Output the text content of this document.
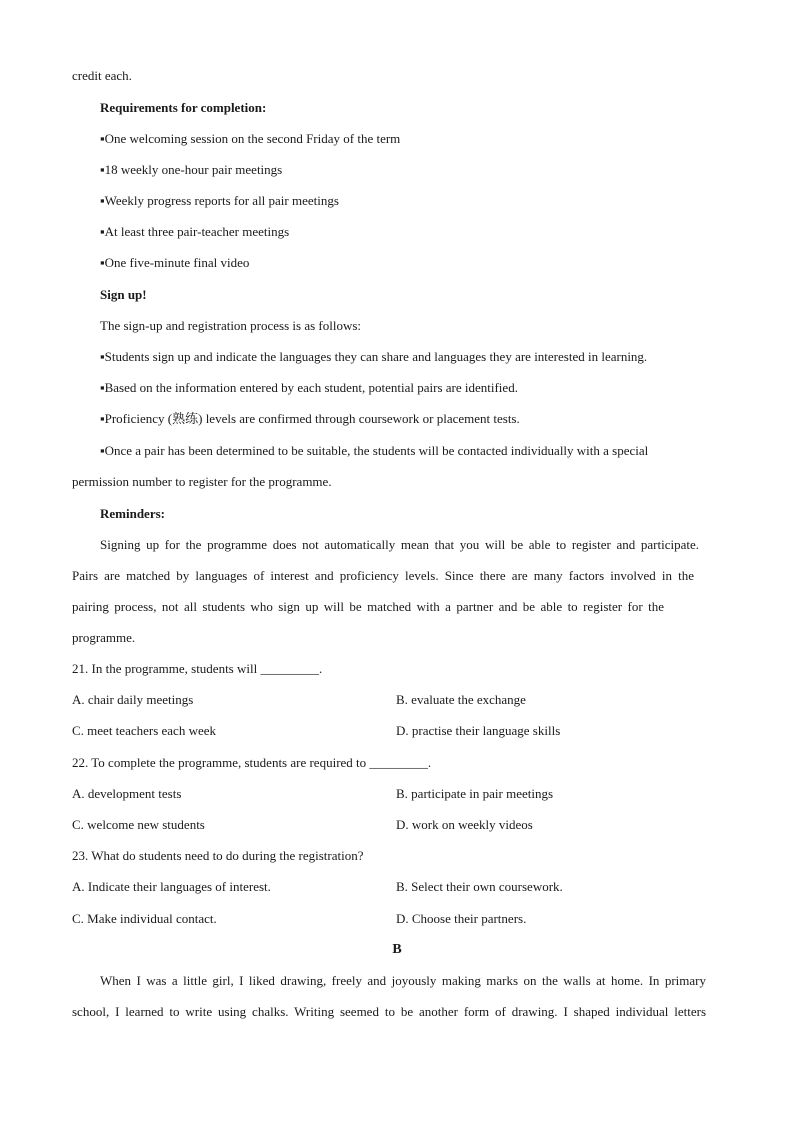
credit each.
Requirements for completion:
▪One welcoming session on the second Friday of the term
▪18 weekly one-hour pair meetings
▪Weekly progress reports for all pair meetings
▪At least three pair-teacher meetings
▪One five-minute final video
Sign up!
The sign-up and registration process is as follows:
▪Students sign up and indicate the languages they can share and languages they are interested in learning.
▪Based on the information entered by each student, potential pairs are identified.
▪Proficiency (熟练) levels are confirmed through coursework or placement tests.
▪Once a pair has been determined to be suitable, the students will be contacted individually with a special
permission number to register for the programme.
Reminders:
Signing up for the programme does not automatically mean that you will be able to register and participate.
Pairs are matched by languages of interest and proficiency levels. Since there are many factors involved in the
pairing process, not all students who sign up will be matched with a partner and be able to register for the
programme.
21. In the programme, students will _________.
A. chair daily meetings	B. evaluate the exchange
C. meet teachers each week	D. practise their language skills
22. To complete the programme, students are required to _________.
A. development tests	B. participate in pair meetings
C. welcome new students	D. work on weekly videos
23. What do students need to do during the registration?
A. Indicate their languages of interest.	B. Select their own coursework.
C. Make individual contact.	D. Choose their partners.
B
When I was a little girl, I liked drawing, freely and joyously making marks on the walls at home. In primary
school, I learned to write using chalks. Writing seemed to be another form of drawing. I shaped individual letters
